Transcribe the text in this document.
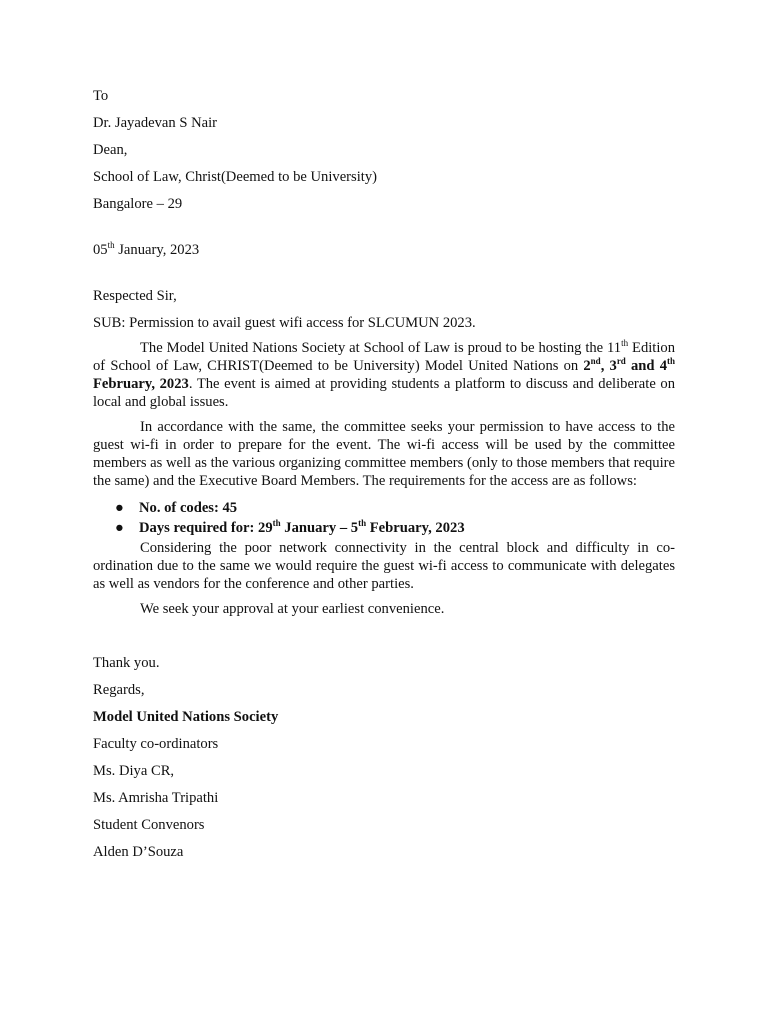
To
Dr. Jayadevan S Nair
Dean,
School of Law, Christ(Deemed to be University)
Bangalore – 29
05th January, 2023
Respected Sir,
SUB: Permission to avail guest wifi access for SLCUMUN 2023.

The Model United Nations Society at School of Law is proud to be hosting the 11th Edition of School of Law, CHRIST(Deemed to be University) Model United Nations on 2nd, 3rd and 4th February, 2023. The event is aimed at providing students a platform to discuss and deliberate on local and global issues.

In accordance with the same, the committee seeks your permission to have access to the guest wi-fi in order to prepare for the event. The wi-fi access will be used by the committee members as well as the various organizing committee members (only to those members that require the same) and the Executive Board Members. The requirements for the access are as follows:

● No. of codes: 45
● Days required for: 29th January – 5th February, 2023

Considering the poor network connectivity in the central block and difficulty in co-ordination due to the same we would require the guest wi-fi access to communicate with delegates as well as vendors for the conference and other parties.

We seek your approval at your earliest convenience.

Thank you.
Regards,
Model United Nations Society
Faculty co-ordinators
Ms. Diya CR,
Ms. Amrisha Tripathi
Student Convenors
Alden D’Souza
